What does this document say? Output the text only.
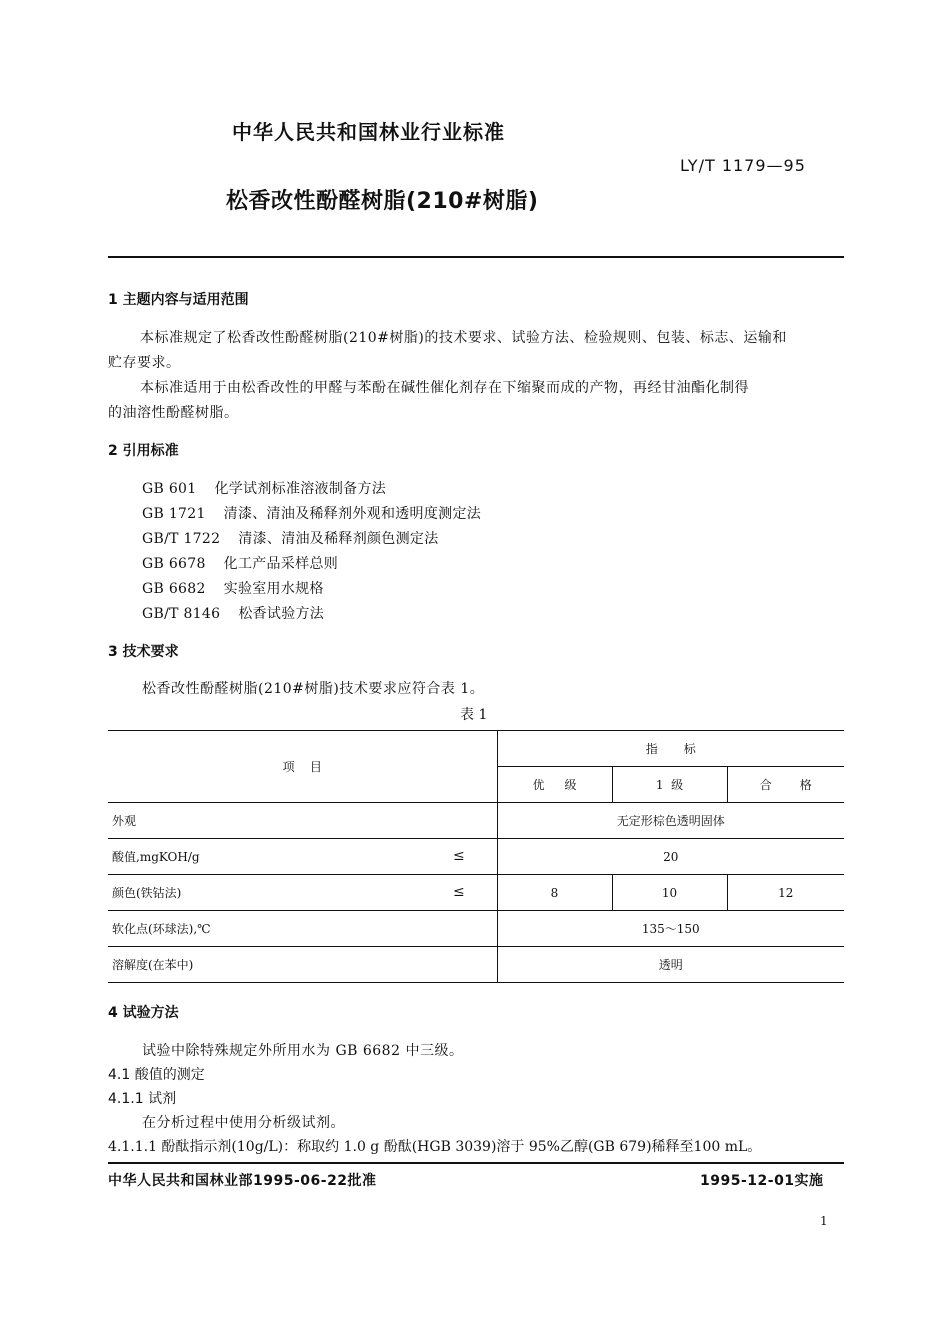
中华人民共和国林业行业标准
LY/T 1179—95
松香改性酚醛树脂(210#树脂)
1 主题内容与适用范围
本标准规定了松香改性酚醛树脂(210#树脂)的技术要求、试验方法、检验规则、包装、标志、运输和
贮存要求。
本标准适用于由松香改性的甲醛与苯酚在碱性催化剂存在下缩聚而成的产物，再经甘油酯化制得
的油溶性酚醛树脂。
2 引用标准
GB 601 化学试剂标准溶液制备方法
GB 1721 清漆、清油及稀释剂外观和透明度测定法
GB/T 1722 清漆、清油及稀释剂颜色测定法
GB 6678 化工产品采样总则
GB 6682 实验室用水规格
GB/T 8146 松香试验方法
3 技术要求
松香改性酚醛树脂(210#树脂)技术要求应符合表 1。
表 1
项    目	指标		
	优级	1  级	合格
外观	无定形棕色透明固体		
酸值,mgKOH/g ≤	20		
颜色(铁钴法) ≤	8	10	12
软化点(环球法),℃	135～150		
溶解度(在苯中)	透明		
4 试验方法
试验中除特殊规定外所用水为 GB 6682 中三级。
4.1 酸值的测定
4.1.1 试剂
在分析过程中使用分析级试剂。
4.1.1.1 酚酞指示剂(10g/L)：称取约 1.0 g 酚酞(HGB 3039)溶于 95%乙醇(GB 679)稀释至100 mL。
中华人民共和国林业部1995-06-22批准	1995-12-01实施
1
